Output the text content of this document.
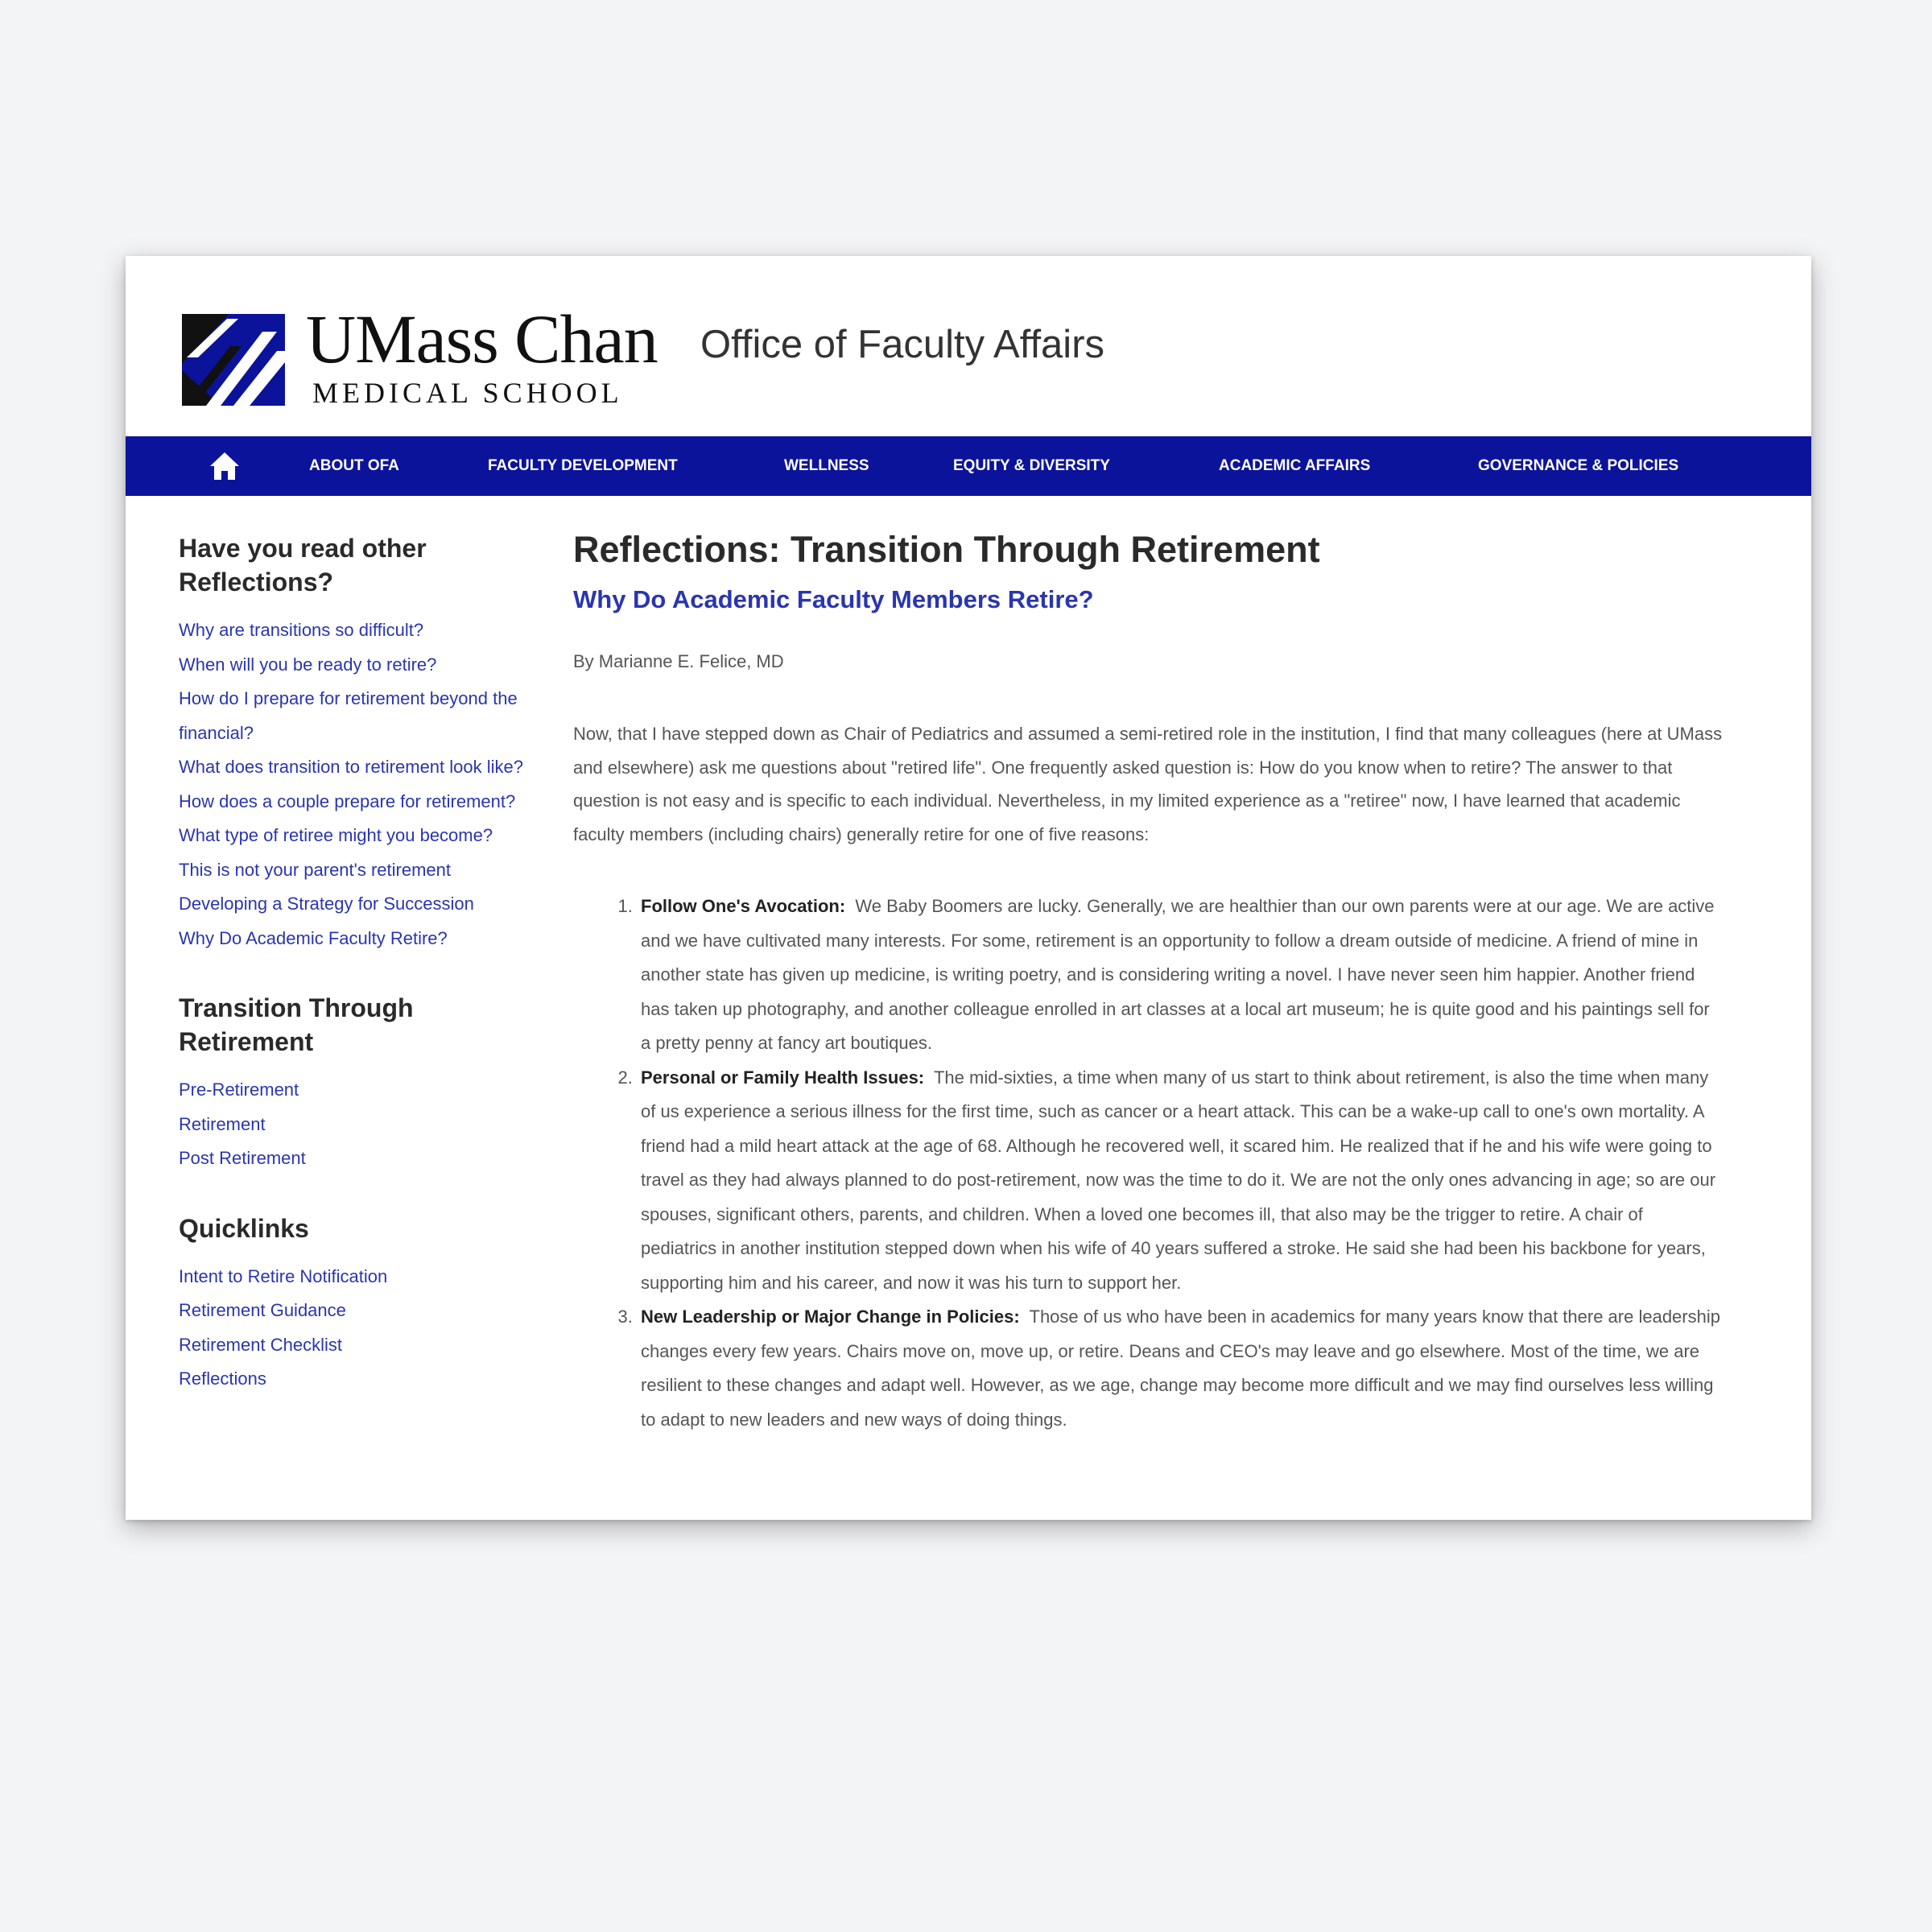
UMass Chan
MEDICAL SCHOOL
Office of Faculty Affairs
ABOUT OFA	FACULTY DEVELOPMENT	WELLNESS	EQUITY & DIVERSITY	ACADEMIC AFFAIRS	GOVERNANCE & POLICIES
Have you read other Reflections?
Why are transitions so difficult?
When will you be ready to retire?
How do I prepare for retirement beyond the financial?
What does transition to retirement look like?
How does a couple prepare for retirement?
What type of retiree might you become?
This is not your parent's retirement
Developing a Strategy for Succession
Why Do Academic Faculty Retire?
Transition Through Retirement
Pre-Retirement
Retirement
Post Retirement
Quicklinks
Intent to Retire Notification
Retirement Guidance
Retirement Checklist
Reflections
Reflections: Transition Through Retirement
Why Do Academic Faculty Members Retire?

By Marianne E. Felice, MD

Now, that I have stepped down as Chair of Pediatrics and assumed a semi-retired role in the institution, I find that many colleagues (here at UMass and elsewhere) ask me questions about "retired life". One frequently asked question is: How do you know when to retire? The answer to that question is not easy and is specific to each individual. Nevertheless, in my limited experience as a "retiree" now, I have learned that academic faculty members (including chairs) generally retire for one of five reasons:

1. Follow One's Avocation: We Baby Boomers are lucky. Generally, we are healthier than our own parents were at our age. We are active and we have cultivated many interests. For some, retirement is an opportunity to follow a dream outside of medicine. A friend of mine in another state has given up medicine, is writing poetry, and is considering writing a novel. I have never seen him happier. Another friend has taken up photography, and another colleague enrolled in art classes at a local art museum; he is quite good and his paintings sell for a pretty penny at fancy art boutiques.
2. Personal or Family Health Issues: The mid-sixties, a time when many of us start to think about retirement, is also the time when many of us experience a serious illness for the first time, such as cancer or a heart attack. This can be a wake-up call to one's own mortality. A friend had a mild heart attack at the age of 68. Although he recovered well, it scared him. He realized that if he and his wife were going to travel as they had always planned to do post-retirement, now was the time to do it. We are not the only ones advancing in age; so are our spouses, significant others, parents, and children. When a loved one becomes ill, that also may be the trigger to retire. A chair of pediatrics in another institution stepped down when his wife of 40 years suffered a stroke. He said she had been his backbone for years, supporting him and his career, and now it was his turn to support her.
3. New Leadership or Major Change in Policies: Those of us who have been in academics for many years know that there are leadership changes every few years. Chairs move on, move up, or retire. Deans and CEO's may leave and go elsewhere. Most of the time, we are resilient to these changes and adapt well. However, as we age, change may become more difficult and we may find ourselves less willing to adapt to new leaders and new ways of doing things.
